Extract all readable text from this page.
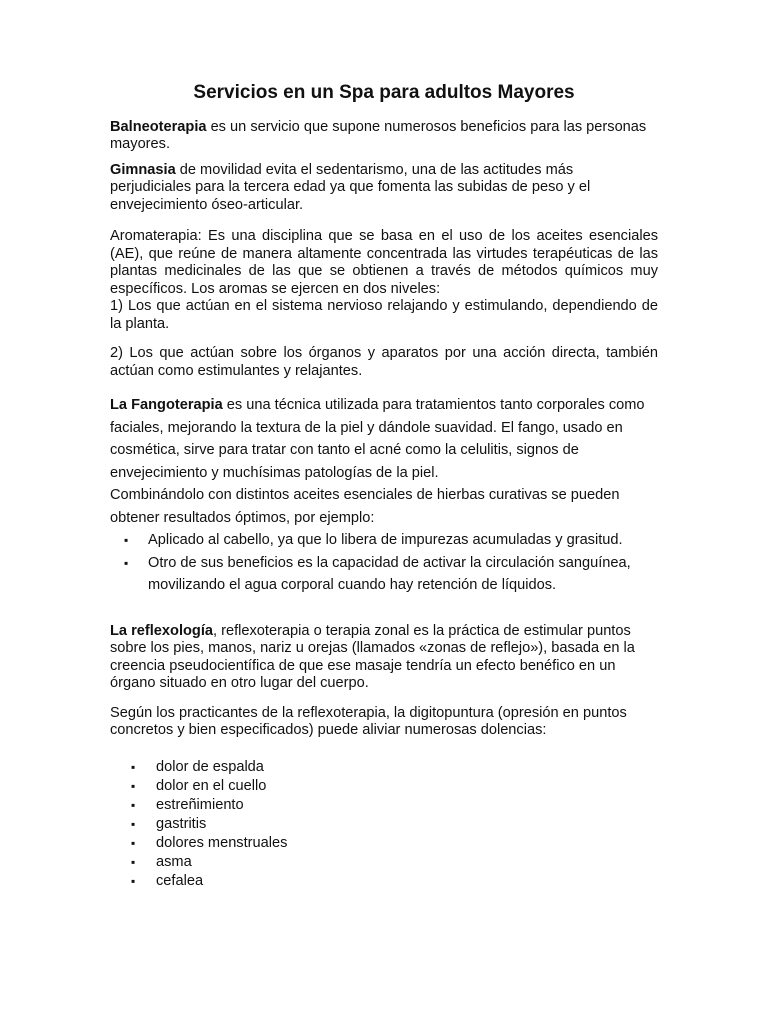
Servicios en un Spa para adultos Mayores

Balneoterapia es un servicio que supone numerosos beneficios para las personas mayores.

Gimnasia de movilidad evita el sedentarismo, una de las actitudes más perjudiciales para la tercera edad ya que fomenta las subidas de peso y el envejecimiento óseo-articular.

Aromaterapia: Es una disciplina que se basa en el uso de los aceites esenciales (AE), que reúne de manera altamente concentrada las virtudes terapéuticas de las plantas medicinales de las que se obtienen a través de métodos químicos muy específicos. Los aromas se ejercen en dos niveles:

1) Los que actúan en el sistema nervioso relajando y estimulando, dependiendo de la planta.

2) Los que actúan sobre los órganos y aparatos por una acción directa, también actúan como estimulantes y relajantes.

La Fangoterapia es una técnica utilizada para tratamientos tanto corporales como faciales, mejorando la textura de la piel y dándole suavidad. El fango, usado en cosmética, sirve para tratar con tanto el acné como la celulitis, signos de envejecimiento y muchísimas patologías de la piel.

Combinándolo con distintos aceites esenciales de hierbas curativas se pueden obtener resultados óptimos, por ejemplo:

▪ Aplicado al cabello, ya que lo libera de impurezas acumuladas y grasitud.
▪ Otro de sus beneficios es la capacidad de activar la circulación sanguínea, movilizando el agua corporal cuando hay retención de líquidos.

La reflexología, reflexoterapia o terapia zonal es la práctica de estimular puntos sobre los pies, manos, nariz u orejas (llamados «zonas de reflejo»), basada en la creencia pseudocientífica de que ese masaje tendría un efecto benéfico en un órgano situado en otro lugar del cuerpo.

Según los practicantes de la reflexoterapia, la digitopuntura (opresión en puntos concretos y bien especificados) puede aliviar numerosas dolencias:

▪ dolor de espalda
▪ dolor en el cuello
▪ estreñimiento
▪ gastritis
▪ dolores menstruales
▪ asma
▪ cefalea
